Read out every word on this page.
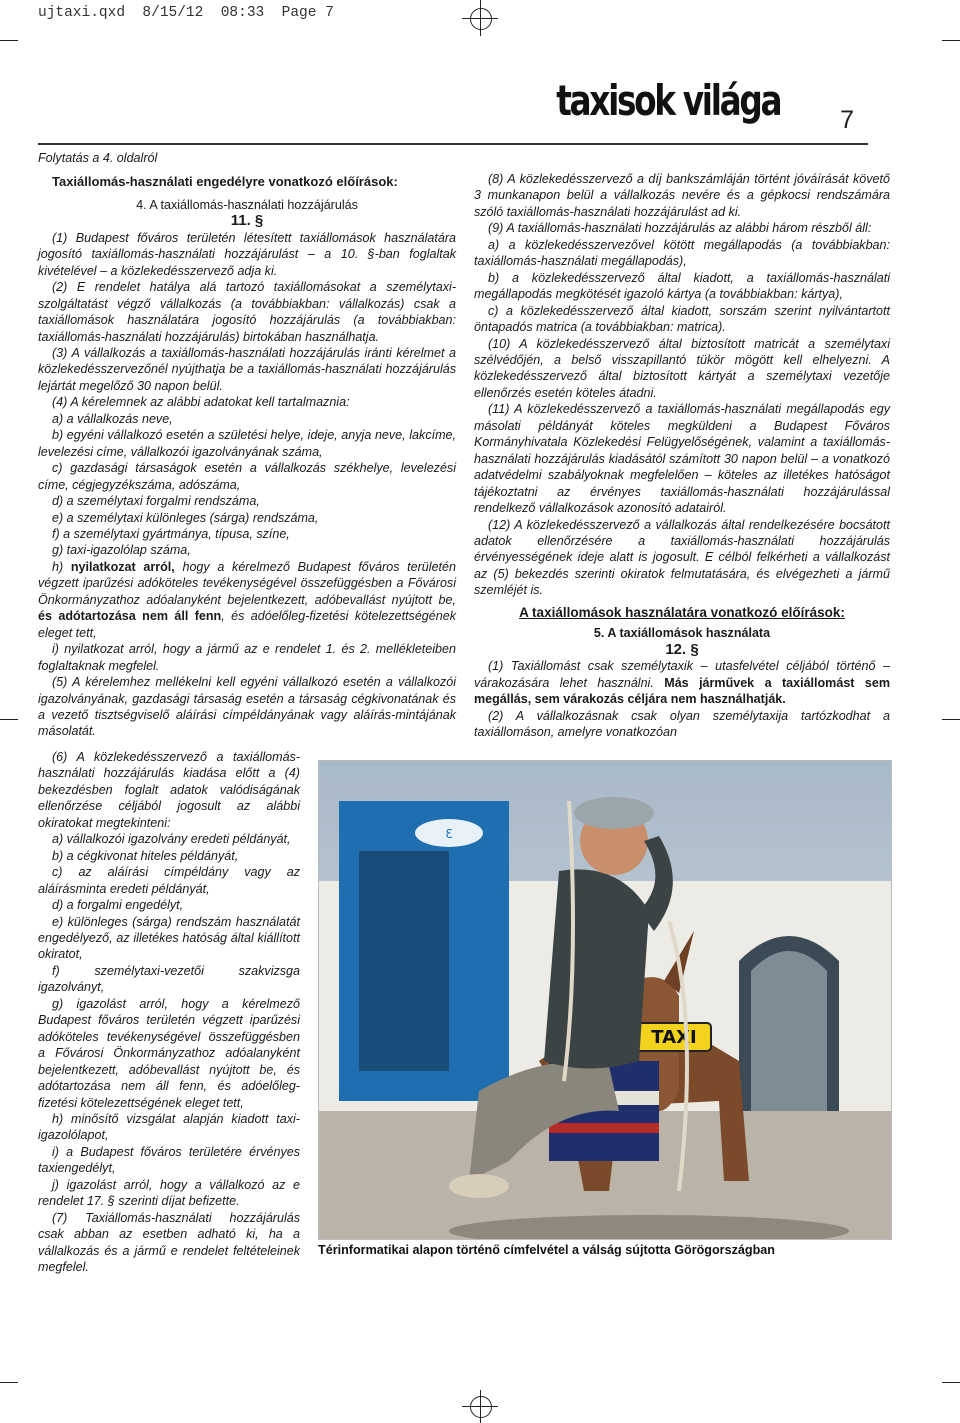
ujtaxi.qxd  8/15/12  08:33  Page 7
taxisok világa 7

Folytatás a 4. oldalról

Taxiállomás-használati engedélyre vonatkozó előírások:

4. A taxiállomás-használati hozzájárulás

11. §

(1) Budapest főváros területén létesített taxiállomások használatára jogosító taxiállomás-használati hozzájárulást – a 10. §-ban foglaltak kivételével – a közlekedésszervező adja ki.

(2) E rendelet hatálya alá tartozó taxiállomásokat a személytaxi-szolgáltatást végző vállalkozás (a továbbiakban: vállalkozás) csak a taxiállomások használatára jogosító hozzájárulás (a továbbiakban: taxiállomás-használati hozzájárulás) birtokában használhatja.

(3) A vállalkozás a taxiállomás-használati hozzájárulás iránti kérelmet a közlekedésszervezőnél nyújthatja be a taxiállomás-használati hozzájárulás lejártát megelőző 30 napon belül.

(4) A kérelemnek az alábbi adatokat kell tartalmaznia:

a) a vállalkozás neve,

b) egyéni vállalkozó esetén a születési helye, ideje, anyja neve, lakcíme, levelezési címe, vállalkozói igazolványának száma,

c) gazdasági társaságok esetén a vállalkozás székhelye, levelezési címe, cégjegyzékszáma, adószáma,

d) a személytaxi forgalmi rendszáma,

e) a személytaxi különleges (sárga) rendszáma,

f) a személytaxi gyártmánya, típusa, színe,

g) taxi-igazolólap száma,

h) nyilatkozat arról, hogy a kérelmező Budapest főváros területén végzett iparűzési adóköteles tevékenységével összefüggésben a Fővárosi Önkormányzathoz adóalanyként bejelentkezett, adóbevallást nyújtott be, és adótartozása nem áll fenn, és adóelőleg-fizetési kötelezettségének eleget tett,

i) nyilatkozat arról, hogy a jármű az e rendelet 1. és 2. mellékleteiben foglaltaknak megfelel.

(5) A kérelemhez mellékelni kell egyéni vállalkozó esetén a vállalkozói igazolványának, gazdasági társaság esetén a társaság cégkivonatának és a vezető tisztségviselő aláírási címpéldányának vagy aláírás-mintájának másolatát.

(6) A közlekedésszervező a taxiállomás-használati hozzájárulás kiadása előtt a (4) bekezdésben foglalt adatok valódiságának ellenőrzése céljából jogosult az alábbi okiratokat megtekinteni:

a) vállalkozói igazolvány eredeti példányát,

b) a cégkivonat hiteles példányát,

c) az aláírási címpéldány vagy az aláírásminta eredeti példányát,

d) a forgalmi engedélyt,

e) különleges (sárga) rendszám használatát engedélyező, az illetékes hatóság által kiállított okiratot,

f) személytaxi-vezetői szakvizsga igazolványt,

g) igazolást arról, hogy a kérelmező Budapest főváros területén végzett iparűzési adóköteles tevékenységével összefüggésben a Fővárosi Önkormányzathoz adóalanyként bejelentkezett, adóbevallást nyújtott be, és adótartozása nem áll fenn, és adóelőleg-fizetési kötelezettségének eleget tett,

h) minősítő vizsgálat alapján kiadott taxi-igazolólapot,

i) a Budapest főváros területére érvényes taxiengedélyt,

j) igazolást arról, hogy a vállalkozó az e rendelet 17. § szerinti díjat befizette.

(7) Taxiállomás-használati hozzájárulás csak abban az esetben adható ki, ha a vállalkozás és a jármű e rendelet feltételeinek megfelel.

(8) A közlekedésszervező a díj bankszámláján történt jóváírását követő 3 munkanapon belül a vállalkozás nevére és a gépkocsi rendszámára szóló taxiállomás-használati hozzájárulást ad ki.

(9) A taxiállomás-használati hozzájárulás az alábbi három részből áll:

a) a közlekedésszervezővel kötött megállapodás (a továbbiakban: taxiállomás-használati megállapodás),

b) a közlekedésszervező által kiadott, a taxiállomás-használati megállapodás megkötését igazoló kártya (a továbbiakban: kártya),

c) a közlekedésszervező által kiadott, sorszám szerint nyilvántartott öntapadós matrica (a továbbiakban: matrica).

(10) A közlekedésszervező által biztosított matricát a személytaxi szélvédőjén, a belső visszapillantó tükör mögött kell elhelyezni. A közlekedésszervező által biztosított kártyát a személytaxi vezetője ellenőrzés esetén köteles átadni.

(11) A közlekedésszervező a taxiállomás-használati megállapodás egy másolati példányát köteles megküldeni a Budapest Főváros Kormányhivatala Közlekedési Felügyelőségének, valamint a taxiállomás-használati hozzájárulás kiadásától számított 30 napon belül – a vonatkozó adatvédelmi szabályoknak megfelelően – köteles az illetékes hatóságot tájékoztatni az érvényes taxiállomás-használati hozzájárulással rendelkező vállalkozások azonosító adatairól.

(12) A közlekedésszervező a vállalkozás által rendelkezésére bocsátott adatok ellenőrzésére a taxiállomás-használati hozzájárulás érvényességének ideje alatt is jogosult. E célból felkérheti a vállalkozást az (5) bekezdés szerinti okiratok felmutatására, és elvégezheti a jármű szemléjét is.

A taxiállomások használatára vonatkozó előírások:

5. A taxiállomások használata

12. §

(1) Taxiállomást csak személytaxik – utasfelvétel céljából történő – várakozására lehet használni. Más járművek a taxiállomást sem megállás, sem várakozás céljára nem használhatják.

(2) A vállalkozásnak csak olyan személytaxija tartózkodhat a taxiállomáson, amelyre vonatkozóan

Ɛ
TAXI
Térinformatikai alapon történő címfelvétel a válság sújtotta Görögországban
